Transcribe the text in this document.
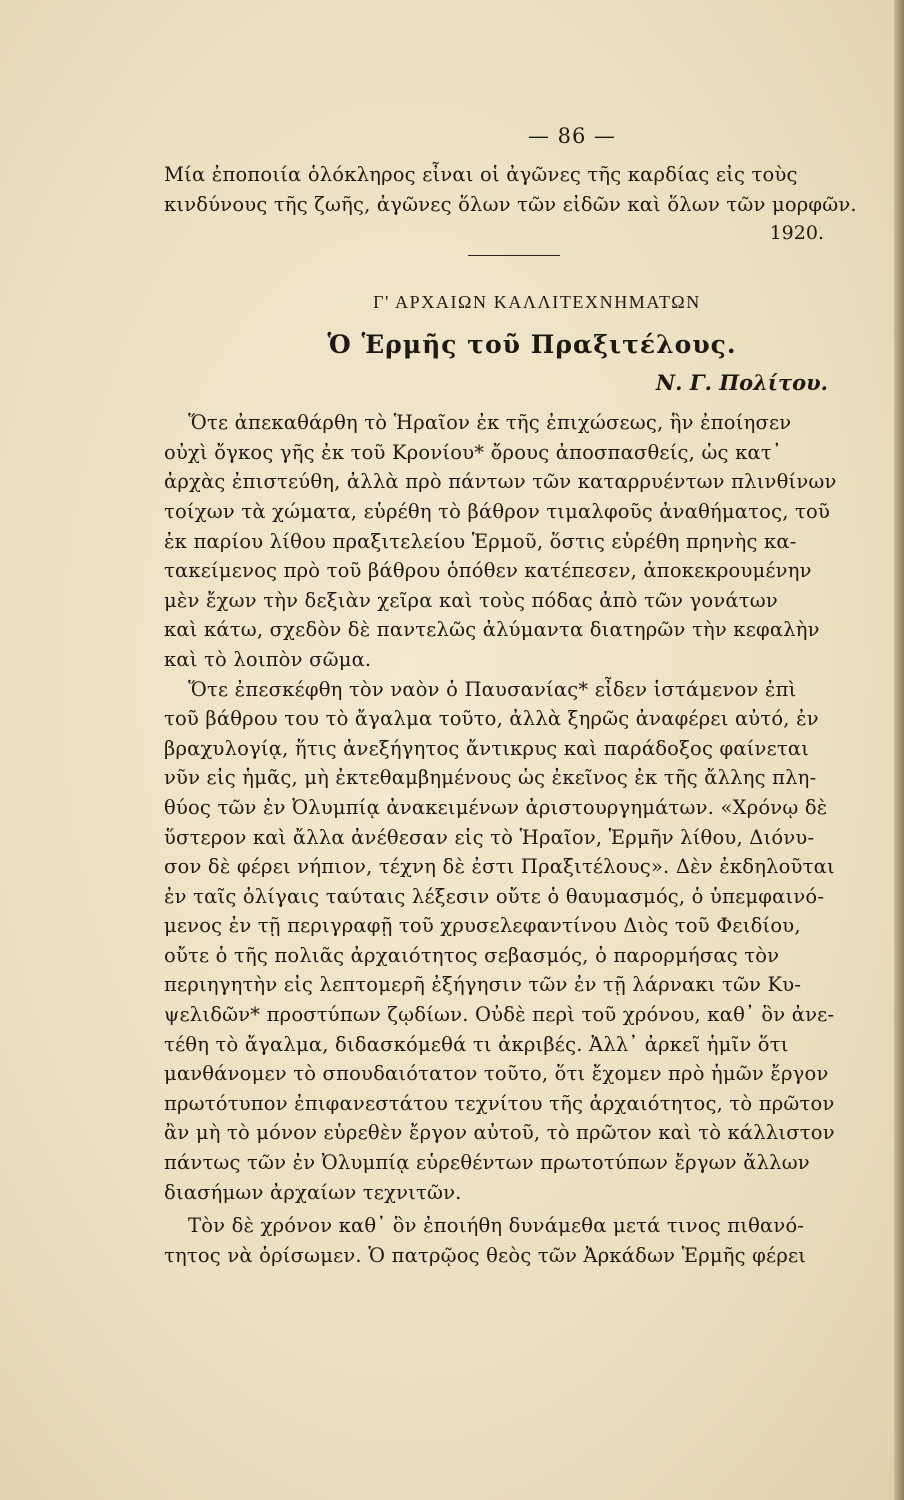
— 86 —
Μία ἐποποιία ὁλόκληρος εἶναι οἱ ἀγῶνες τῆς καρδίας εἰς τοὺς
κινδύνους τῆς ζωῆς, ἀγῶνες ὅλων τῶν εἰδῶν καὶ ὅλων τῶν μορφῶν.
1920.
Γ' ΑΡΧΑΙΩΝ ΚΑΛΛΙΤΕΧΝΗΜΑΤΩΝ
Ὁ Ἑρμῆς τοῦ Πραξιτέλους.
Ν. Γ. Πολίτου.
Ὅτε ἀπεκαθάρθη τὸ Ἡραῖον ἐκ τῆς ἐπιχώσεως, ἣν ἐποίησεν
οὐχὶ ὄγκος γῆς ἐκ τοῦ Κρονίου* ὄρους ἀποσπασθείς, ὡς κατ᾿
ἀρχὰς ἐπιστεύθη, ἀλλὰ πρὸ πάντων τῶν καταρρυέντων πλινθίνων
τοίχων τὰ χώματα, εὑρέθη τὸ βάθρον τιμαλφοῦς ἀναθήματος, τοῦ
ἐκ παρίου λίθου πραξιτελείου Ἑρμοῦ, ὅστις εὑρέθη πρηνὴς κα-
τακείμενος πρὸ τοῦ βάθρου ὁπόθεν κατέπεσεν, ἀποκεκρουμένην
μὲν ἔχων τὴν δεξιὰν χεῖρα καὶ τοὺς πόδας ἀπὸ τῶν γονάτων
καὶ κάτω, σχεδὸν δὲ παντελῶς ἀλύμαντα διατηρῶν τὴν κεφαλὴν
καὶ τὸ λοιπὸν σῶμα.
Ὅτε ἐπεσκέφθη τὸν ναὸν ὁ Παυσανίας* εἶδεν ἱστάμενον ἐπὶ
τοῦ βάθρου του τὸ ἄγαλμα τοῦτο, ἀλλὰ ξηρῶς ἀναφέρει αὐτό, ἐν
βραχυλογίᾳ, ἥτις ἀνεξήγητος ἄντικρυς καὶ παράδοξος φαίνεται
νῦν εἰς ἡμᾶς, μὴ ἐκτεθαμβημένους ὡς ἐκεῖνος ἐκ τῆς ἄλλης πλη-
θύος τῶν ἐν Ὀλυμπίᾳ ἀνακειμένων ἀριστουργημάτων. «Χρόνῳ δὲ
ὕστερον καὶ ἄλλα ἀνέθεσαν εἰς τὸ Ἡραῖον, Ἑρμῆν λίθου, Διόνυ-
σον δὲ φέρει νήπιον, τέχνη δὲ ἐστι Πραξιτέλους». Δὲν ἐκδηλοῦται
ἐν ταῖς ὀλίγαις ταύταις λέξεσιν οὔτε ὁ θαυμασμός, ὁ ὑπεμφαινό-
μενος ἐν τῇ περιγραφῇ τοῦ χρυσελεφαντίνου Διὸς τοῦ Φειδίου,
οὔτε ὁ τῆς πολιᾶς ἀρχαιότητος σεβασμός, ὁ παρορμήσας τὸν
περιηγητὴν εἰς λεπτομερῆ ἐξήγησιν τῶν ἐν τῇ λάρνακι τῶν Κυ-
ψελιδῶν* προστύπων ζῳδίων. Οὐδὲ περὶ τοῦ χρόνου, καθ᾿ ὃν ἀνε-
τέθη τὸ ἄγαλμα, διδασκόμεθά τι ἀκριβές. Ἀλλ᾿ ἀρκεῖ ἡμῖν ὅτι
μανθάνομεν τὸ σπουδαιότατον τοῦτο, ὅτι ἔχομεν πρὸ ἡμῶν ἔργον
πρωτότυπον ἐπιφανεστάτου τεχνίτου τῆς ἀρχαιότητος, τὸ πρῶτον
ἂν μὴ τὸ μόνον εὑρεθὲν ἔργον αὐτοῦ, τὸ πρῶτον καὶ τὸ κάλλιστον
πάντως τῶν ἐν Ὀλυμπίᾳ εὑρεθέντων πρωτοτύπων ἔργων ἄλλων
διασήμων ἀρχαίων τεχνιτῶν.
Τὸν δὲ χρόνον καθ᾿ ὃν ἐποιήθη δυνάμεθα μετά τινος πιθανό-
τητος νὰ ὁρίσωμεν. Ὁ πατρῷος θεὸς τῶν Ἀρκάδων Ἑρμῆς φέρει
